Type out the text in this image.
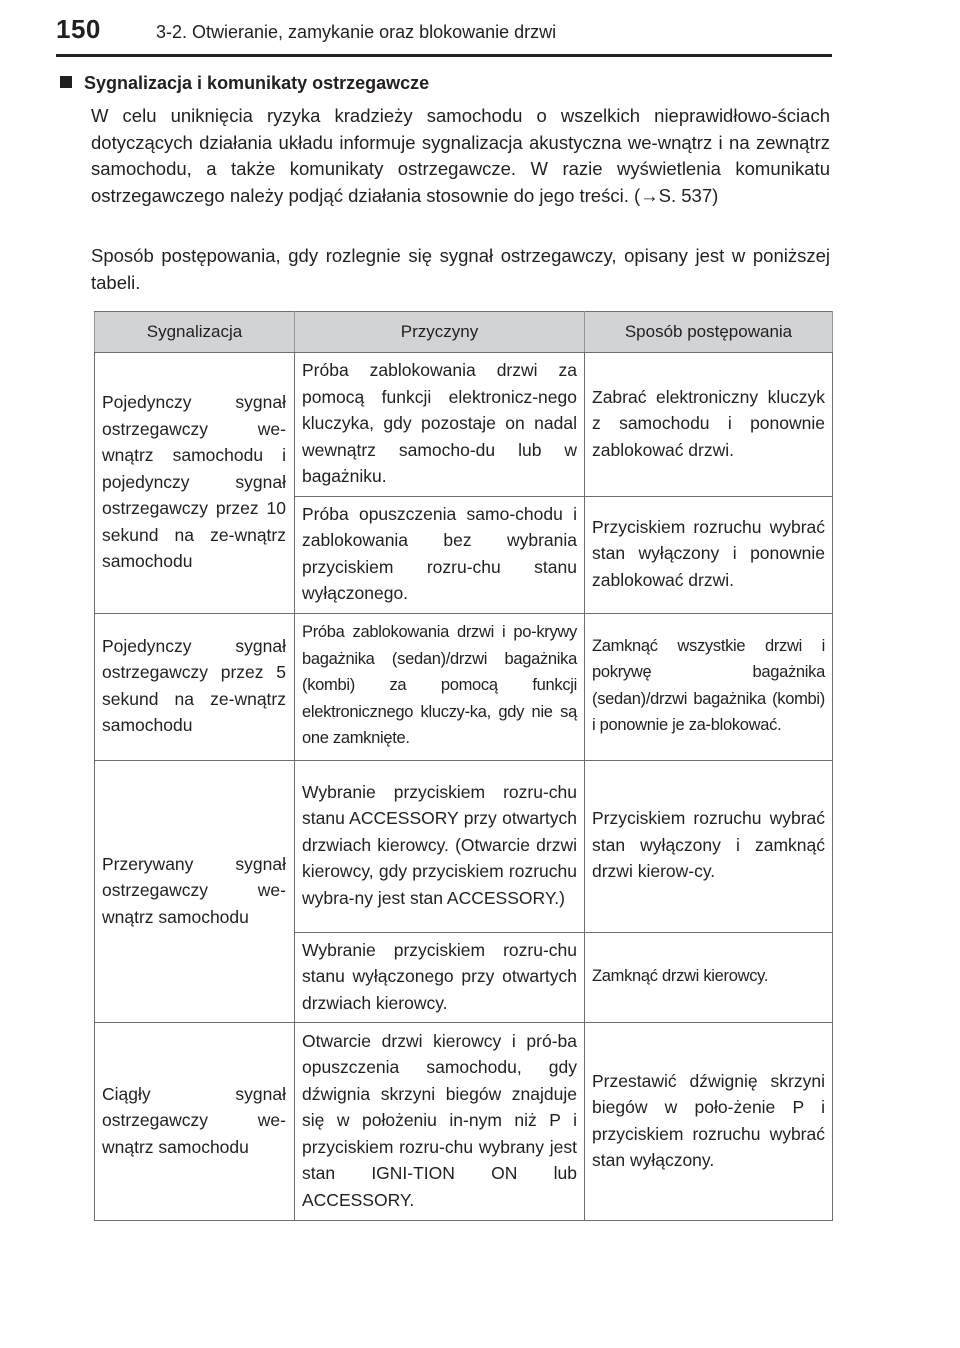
150	3-2. Otwieranie, zamykanie oraz blokowanie drzwi
Sygnalizacja i komunikaty ostrzegawcze
W celu uniknięcia ryzyka kradzieży samochodu o wszelkich nieprawidłowo-ściach dotyczących działania układu informuje sygnalizacja akustyczna we-wnątrz i na zewnątrz samochodu, a także komunikaty ostrzegawcze. W razie wyświetlenia komunikatu ostrzegawczego należy podjąć działania stosownie do jego treści. (→S. 537)
Sposób postępowania, gdy rozlegnie się sygnał ostrzegawczy, opisany jest w poniższej tabeli.
Sygnalizacja	Przyczyny	Sposób postępowania
Pojedynczy sygnał ostrzegawczy we-wnątrz samochodu i pojedynczy sygnał ostrzegawczy przez 10 sekund na ze-wnątrz samochodu	Próba zablokowania drzwi za pomocą funkcji elektronicz-nego kluczyka, gdy pozostaje on nadal wewnątrz samocho-du lub w bagażniku.	Zabrać elektroniczny kluczyk z samochodu i ponownie zablokować drzwi.
	Próba opuszczenia samo-chodu i zablokowania bez wybrania przyciskiem rozru-chu stanu wyłączonego.	Przyciskiem rozruchu wybrać stan wyłączony i ponownie zablokować drzwi.
Pojedynczy sygnał ostrzegawczy przez 5 sekund na ze-wnątrz samochodu	Próba zablokowania drzwi i po-krywy bagażnika (sedan)/drzwi bagażnika (kombi) za pomocą funkcji elektronicznego kluczy-ka, gdy nie są one zamknięte.	Zamknąć wszystkie drzwi i pokrywę bagażnika (sedan)/drzwi bagażnika (kombi) i ponownie je za-blokować.
Przerywany sygnał ostrzegawczy we-wnątrz samochodu	Wybranie przyciskiem rozru-chu stanu ACCESSORY przy otwartych drzwiach kierowcy. (Otwarcie drzwi kierowcy, gdy przyciskiem rozruchu wybra-ny jest stan ACCESSORY.)	Przyciskiem rozruchu wybrać stan wyłączony i zamknąć drzwi kierow-cy.
	Wybranie przyciskiem rozru-chu stanu wyłączonego przy otwartych drzwiach kierowcy.	Zamknąć drzwi kierowcy.
Ciągły sygnał ostrzegawczy we-wnątrz samochodu	Otwarcie drzwi kierowcy i pró-ba opuszczenia samochodu, gdy dźwignia skrzyni biegów znajduje się w położeniu in-nym niż P i przyciskiem rozru-chu wybrany jest stan IGNI-TION ON lub ACCESSORY.	Przestawić dźwignię skrzyni biegów w poło-żenie P i przyciskiem rozruchu wybrać stan wyłączony.
